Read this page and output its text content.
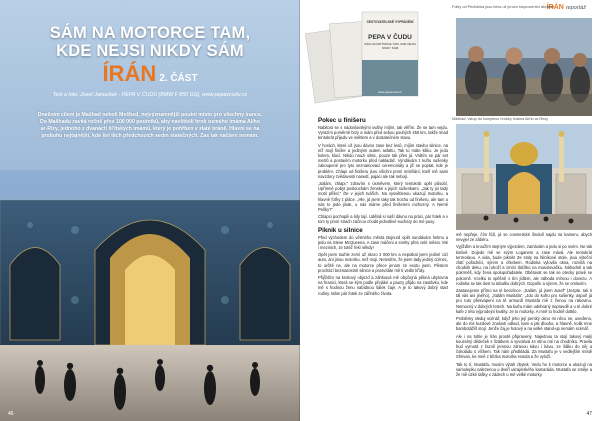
SÁM NA MOTORCE TAM,
KDE NEJSI NIKDY SÁM
ÍRÁN 2. ČÁST
Text a foto: Josef Janoušek - PEPA V ČUDU (BMW F 850 GS), www.pepavcudu.cz
Dnešním cílem je Mašhad neboli Mešhed, nejvýznamnější poutní místo pro všechny írance. Do Mašhadu zavítá ročně přes 100 000 poutníků, aby navštívili hrob osmého imáma Alího ar-Rizy, jednoho z dvanácti ší'itských imámů, který je pohřben v zlaté bráně. Hlavní se na probuhu nejtajnější, kde šel těch předchozích sedm statečných. Zas tak načtení nemám.
46
CESTOVATELSKÉ VYPRÁVĚNÍ
PEPA V ČUDU
SÁM NA MOTORCE TAM, KDE NEJSI NIKDY SÁM
www.pepavcudu.cz
ÍRÁN reportáž
Fotky od Pecháčka jsou letos už jenom stoprocentní akvizice
Mašhad, vstup do komplexu hrobky imáma Alího ar-Rezy
Pokec u finišeru

Nabitost se s nádoslovskými sváhy míjím, tak věřím. Že se tam vejdu. Vyrazím poměrně brzy a mám před sebou pouhých 450 km, takže snad tentokrát přijedu ve světlem a v dostatečném stavu.

V horách, které už jsou dávno zase bez lesů, míjím stavbu silnice, na níž stojí finišer a jedinými autem asfaltu. Tak to máte kliku. Je jedu kolem, klucí. Nikdo nouzi silnic, pouze tak přes já. Vrátím se pár set metrů a postavím motorku před nakladač. Vyndávám z kufru sušenky zakoupené pro tyto seznamovací ceremoniály a již se poptat, kde je problém. Chlapi od finišeru jsou všichni první místňání, kteří mě sami navzdory zvědavosti nasedí, pajaci ale tak nebojí.

„Salám, chlapi,“ zdravím s úsměvem, který tentokrát opět působí. Upřímně pobyt poslouchám ženské s jejich sušenkami. „Jak ty jsi tady motil přišel,“ čte v jejich tvářích. Na vysvětlenou ukazují motorku, a hlavně foťky z pláce. „Hle, já jsem taky tak trochu od finišeru, ale tam u nás to jede jinak, u nás máme před finišerem rozhozný. A Nemě Pešky?“

Chlapci pochopili a lidy tají. Udělali si naší dávno na práci, pár fotek a v tom ty první strach začnou chodit jednotlivé suchary do mé pusy.

Piknik u silnice

Před východem do větrného města Bojnurd opět sundávám helmu a jedu na Steve McQueena. A zase máčeni a smrky přes celé město. Mé i mezinich, ze totéž řekl někdy!

Opět jsem touhle zemí už skoro 2 000 km a nepotkal jsem jediné cizí auto, ani jinou motorku, než moji. Netvrdím, že jsem tady jediný cizinec, to určitě ne, ale na motorce přece jenom ze exotu jsem. Pěstem prochází bezstarostně silnice a prosvítáte mě ti vedlo křídy.

Přijíždím na krokový objezd a záhlouvá mě obyčejná pěkná ubytovna na hranici, která se kým podle přejáké a pauzy přijdu na zastávku, kde mě s hodnou ženu nabídnou šálek čaje. A je to takový dobrý start rodiny. Mám pár fotek ze zářiného života.

mě nepřeje, čím řídí, já se cosmetické šindulí najdu na kameru, abych nevyjel ze zábéru.

Vyjíždím a kroužím stejným výjezdem, zamávám a jedu si po svém. Ne tak kinlivě. Dojede mě se svým Loganem a zase mává. Ale tentokrát termoskou. A vida, bude piknik! Ze stoly na hliníkové stole, jsou výteční zlatí pořadníci, sýrem a chlebem. Rodinka vylovila okna, rozvítá na chodník deku, na rohoží a zmíní tlačítko na masolovačku. Náhodně a tak pokrměš, kdy žena spolupořadatele. Obětovat se tak se otecky pravě se pokorně. Vcelku to spěšně s tím jídlem, ale náhoda mírnou i dovezu. A rodinka se tak dost tu tabulku dobrých. Dopolín a sýrem, že se omluvím.

Zastavujeme přímo na té benzínce. „Salám, já jsem Jusef“ (Jezpte. tak ti tál vás ani jiného), „Salám Mustafa“. „Jdu do kufru pro sušenky, aspoň já pro tuto překvapení na tě armurdí Mustafa mě z ženou na rakovinu. Nemocný v dobrých letech. Na kufru mám odebraný nepravdě a u té dobré kafe z této výprodejní kvality. Je to motorky. A mně to hodně dotklo.

Problémy sleduj scénář, když jeho její perský okno mi něco ne, uveďeno, ale do mé kurdové znalosti odkud, kam a jak dlouho, a hlavně, kolik mne bambotážíš stojí. Jenže čaj je hotový a na velké stand-up nemám scénář.

Ale i na tohle je Írán prostě připravený. Najednou ta stojí takový malý kouzelný dědeček s lízátkem a vyvolává ze stínu mé na chodníku. Pravila bud vymotá z fazolí jemnou zdravou kávu i kávu, ze šálku do něj a čokoládu s víčkem. Tak nám předkládá. Za Mustafu je v vedlejším místě Shirvan, ke mně z blízka motorka Honda a že vyloží.

Tak to tí, Mustafa, musím výtah zbytek. Vedu ho k motorce a ukazují na samolepku nalezenou u dveří ukrajinského kamaráda. Mustafa se směje a že mě úzké tašky v zádech u mé velké motorky.

47
